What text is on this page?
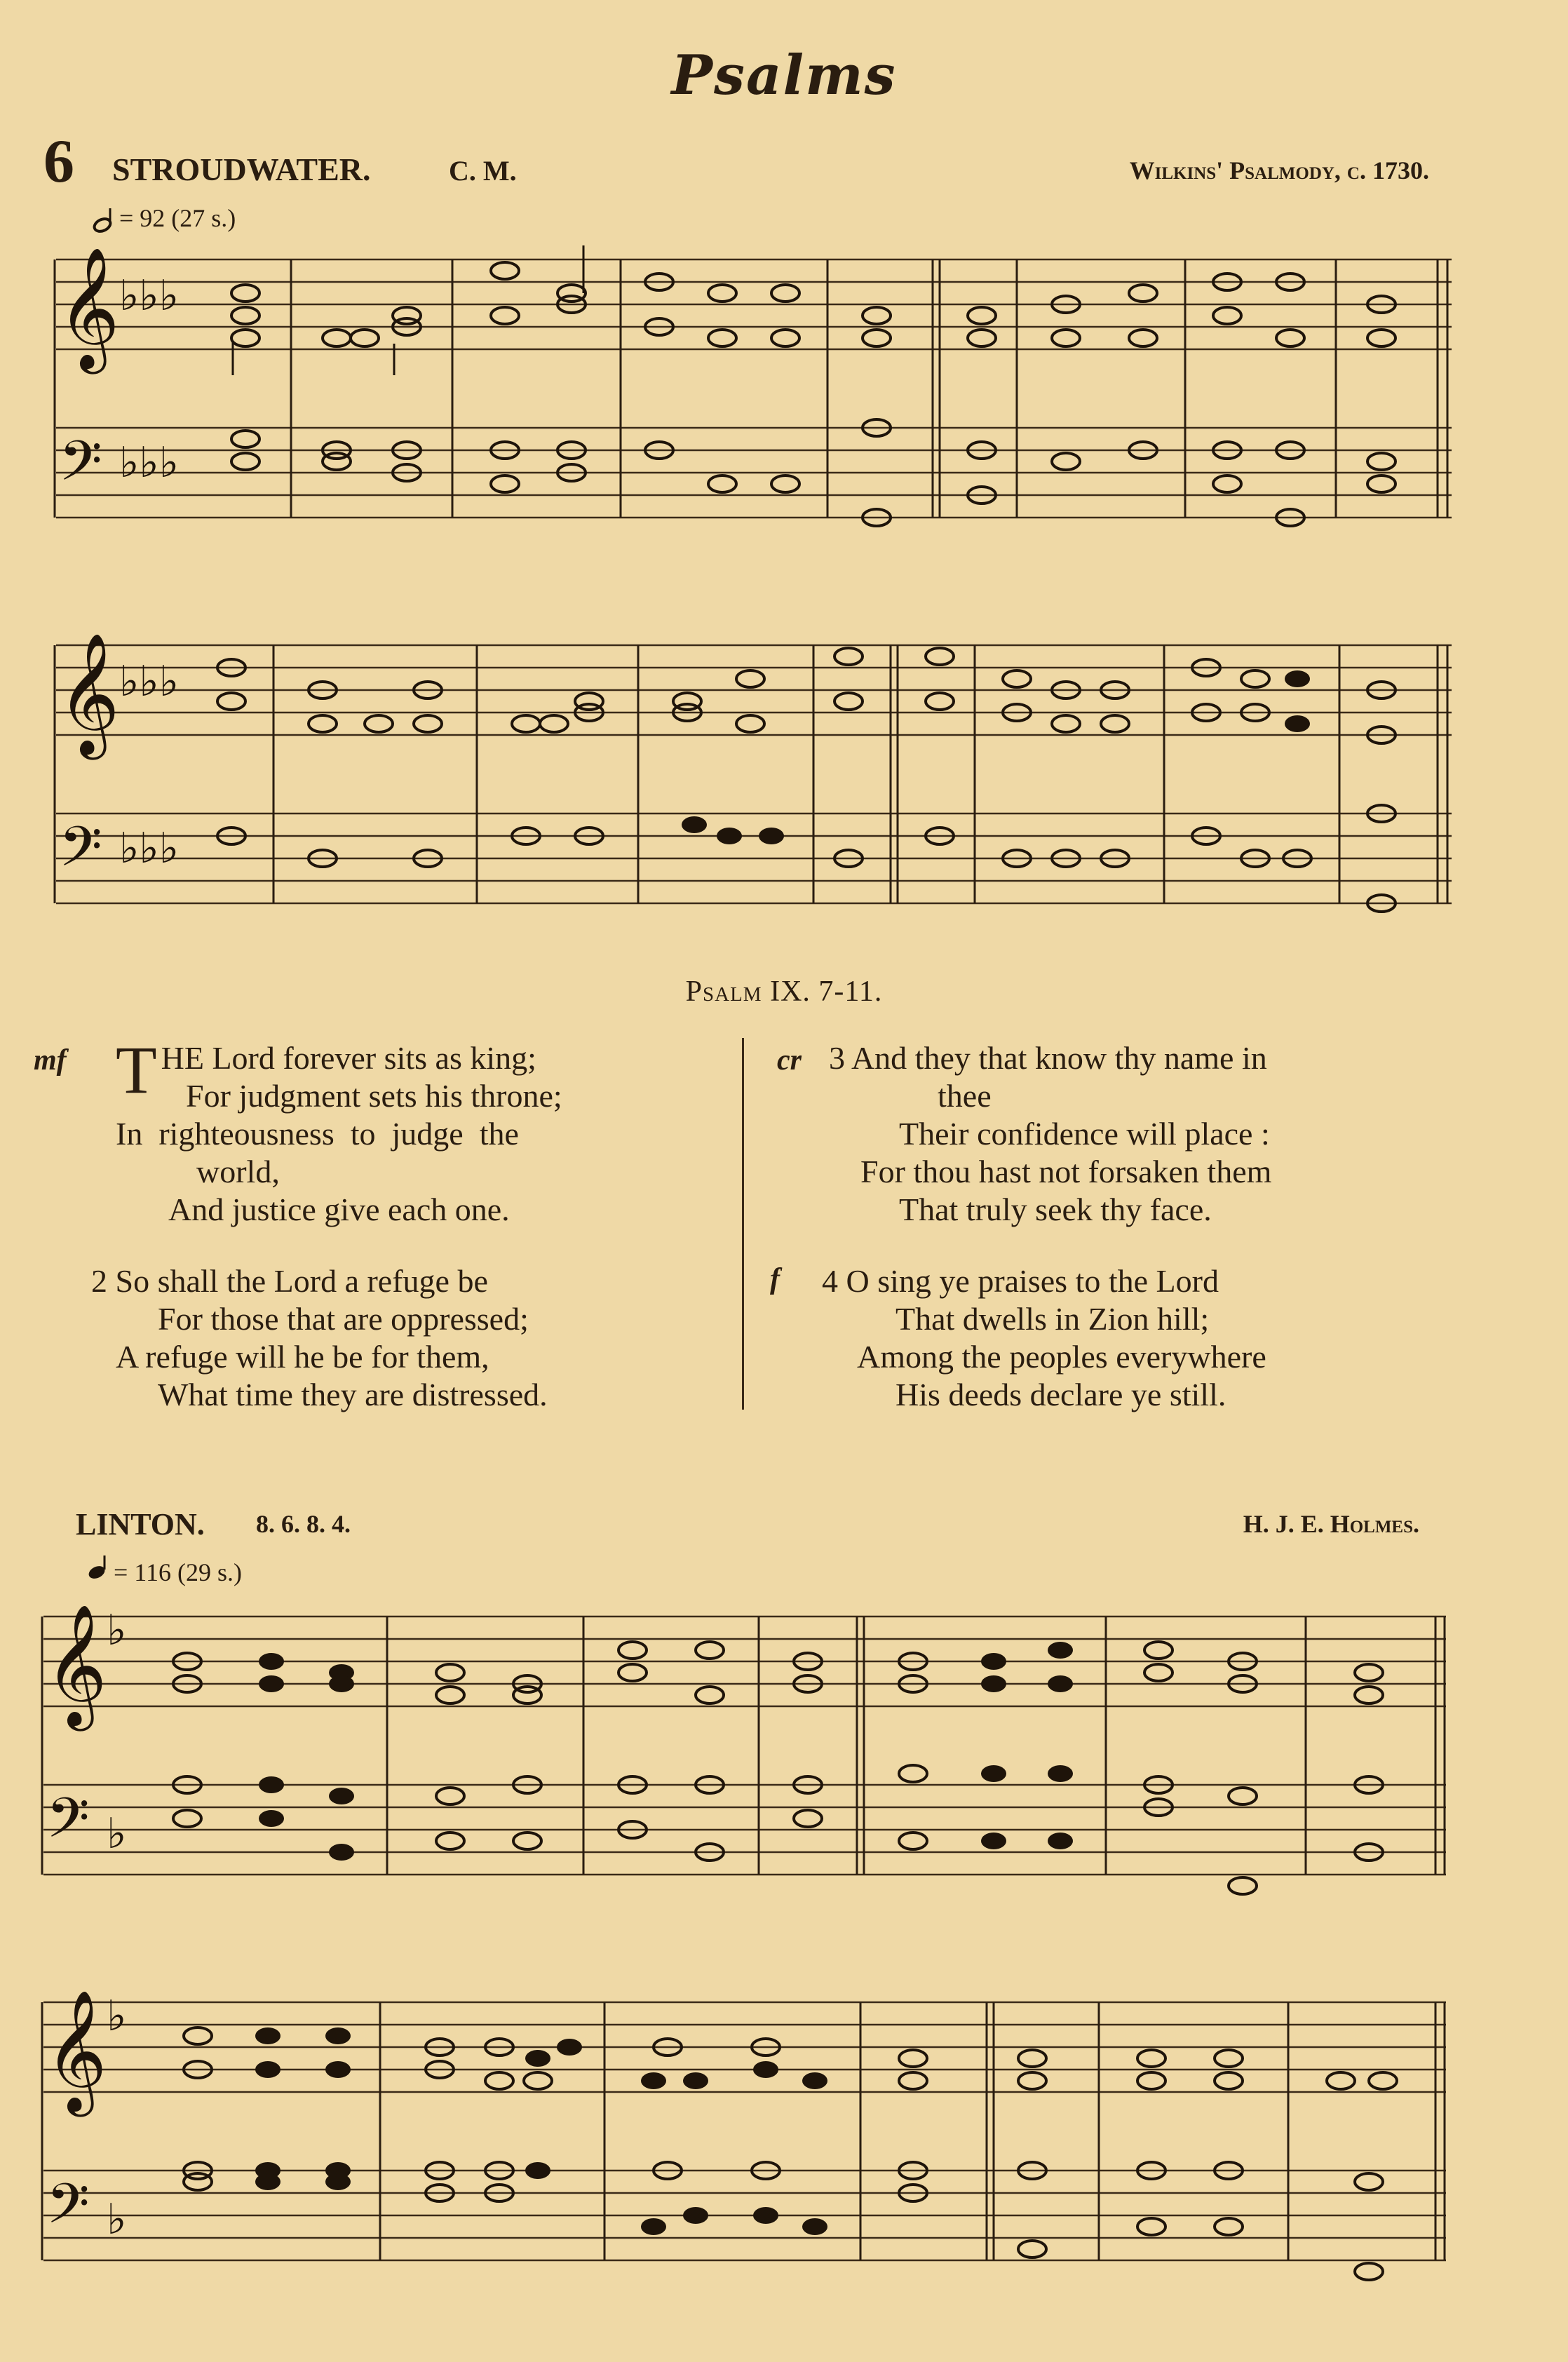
Psalms
6 STROUDWATER.	C. M.	Wilkins' Psalmody, c. 1730.
= 92 (27 s.)
𝄞
𝄢
♭♭♭
♭♭♭
𝄞
𝄢
♭♭♭
♭♭♭
Psalm IX. 7-11.
mf THE Lord forever sits as king;
For judgment sets his throne;
In  righteousness  to  judge  the
world,
And justice give each one.
2 So shall the Lord a refuge be
For those that are oppressed;
A refuge will he be for them,
What time they are distressed.
cr 3 And they that know thy name in
thee
Their confidence will place :
For thou hast not forsaken them
That truly seek thy face.
f 4 O sing ye praises to the Lord
That dwells in Zion hill;
Among the peoples everywhere
His deeds declare ye still.
LINTON. 8. 6. 8. 4.	H. J. E. Holmes.
= 116 (29 s.)
𝄞
𝄢
♭
♭
𝄞
𝄢
♭
♭
